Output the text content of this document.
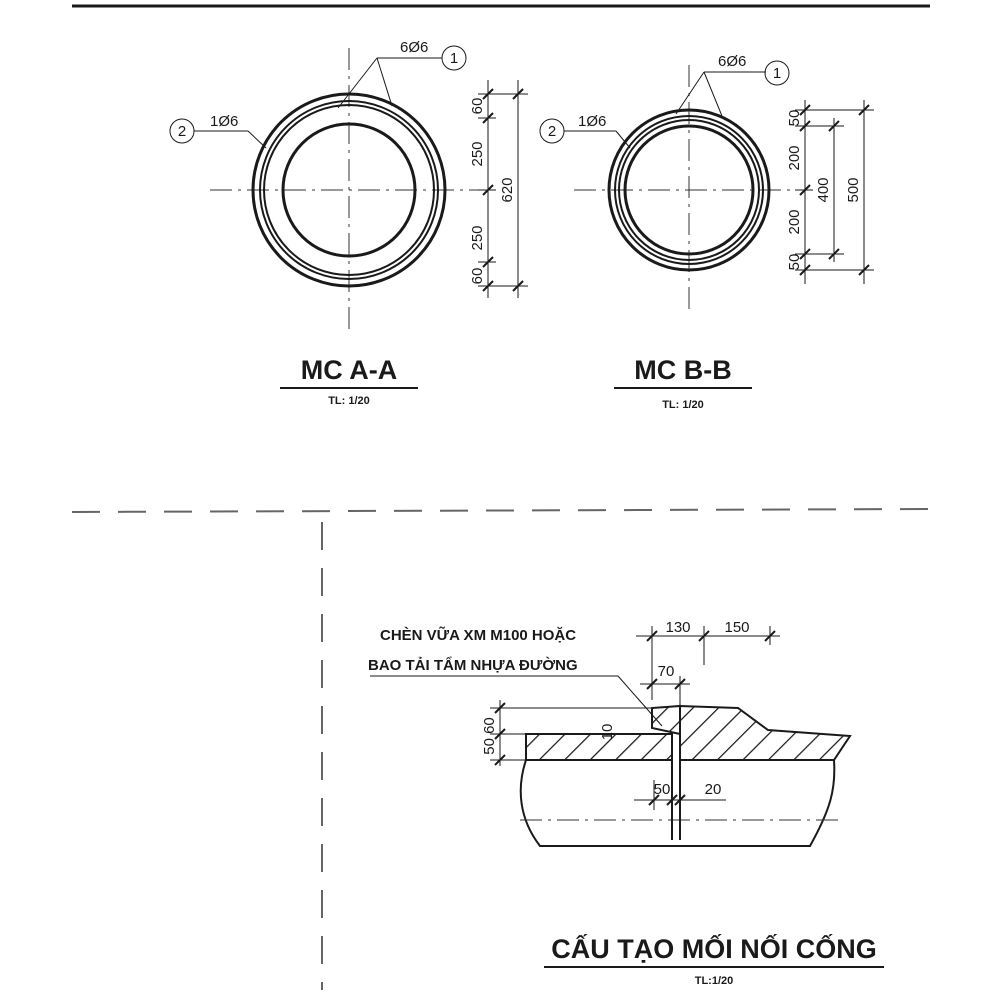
6Ø6
1
2
1Ø6
60
250
250
60
620
MC A-A
TL: 1/20
6Ø6
1
2
1Ø6	50
200
200
50
400 500
MC B-B
TL: 1/20
CHÈN VỮA XM M100 HOẶC
BAO TẢI TẨM NHỰA ĐƯỜNG
130 150
70
10
50 60
50 20
CẤU TẠO MỐI NỐI CỐNG
TL:1/20
